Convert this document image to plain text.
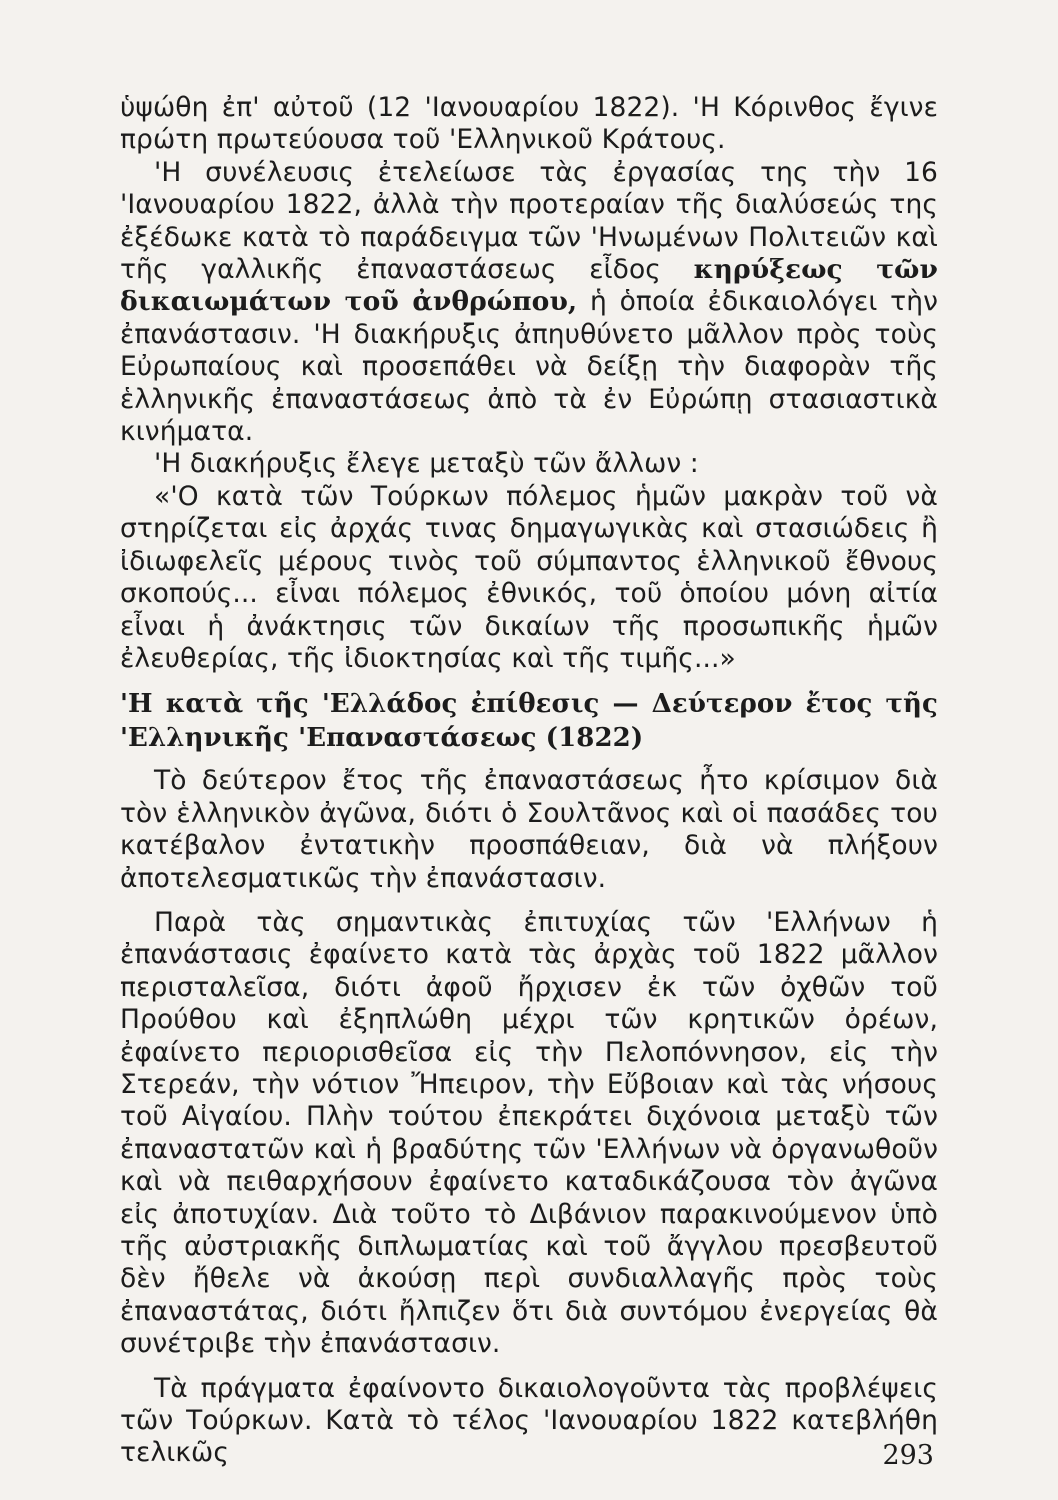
ὑψώθη ἐπ' αὐτοῦ (12 'Ιανουαρίου 1822). 'Η Κόρινθος ἔγινε πρώτη πρωτεύουσα τοῦ 'Ελληνικοῦ Κράτους.

'Η συνέλευσις ἐτελείωσε τὰς ἐργασίας της τὴν 16 'Ιανουαρίου 1822, ἀλλὰ τὴν προτεραίαν τῆς διαλύσεώς της ἐξέδωκε κατὰ τὸ παράδειγμα τῶν 'Ηνωμένων Πολιτειῶν καὶ τῆς γαλλικῆς ἐπαναστάσεως εἶδος κηρύξεως τῶν δικαιωμάτων τοῦ ἀνθρώπου, ἡ ὁποία ἐδικαιολόγει τὴν ἐπανάστασιν. 'Η διακήρυξις ἀπηυθύνετο μᾶλλον πρὸς τοὺς Εὐρωπαίους καὶ προσεπάθει νὰ δείξῃ τὴν διαφορὰν τῆς ἑλληνικῆς ἐπαναστάσεως ἀπὸ τὰ ἐν Εὐρώπῃ στασιαστικὰ κινήματα.

'Η διακήρυξις ἔλεγε μεταξὺ τῶν ἄλλων :

«'Ο κατὰ τῶν Τούρκων πόλεμος ἡμῶν μακρὰν τοῦ νὰ στηρίζεται εἰς ἀρχάς τινας δημαγωγικὰς καὶ στασιώδεις ἢ ἰδιωφελεῖς μέρους τινὸς τοῦ σύμπαντος ἑλληνικοῦ ἔθνους σκοπούς... εἶναι πόλεμος ἐθνικός, τοῦ ὁποίου μόνη αἰτία εἶναι ἡ ἀνάκτησις τῶν δικαίων τῆς προσωπικῆς ἡμῶν ἐλευθερίας, τῆς ἰδιοκτησίας καὶ τῆς τιμῆς...»

'Η κατὰ τῆς 'Ελλάδος ἐπίθεσις — Δεύτερον ἔτος τῆς 'Ελληνικῆς 'Επαναστάσεως (1822)

Τὸ δεύτερον ἔτος τῆς ἐπαναστάσεως ἦτο κρίσιμον διὰ τὸν ἑλληνικὸν ἀγῶνα, διότι ὁ Σουλτᾶνος καὶ οἱ πασάδες του κατέβαλον ἐντατικὴν προσπάθειαν, διὰ νὰ πλήξουν ἀποτελεσματικῶς τὴν ἐπανάστασιν.

Παρὰ τὰς σημαντικὰς ἐπιτυχίας τῶν 'Ελλήνων ἡ ἐπανάστασις ἐφαίνετο κατὰ τὰς ἀρχὰς τοῦ 1822 μᾶλλον περισταλεῖσα, διότι ἀφοῦ ἤρχισεν ἐκ τῶν ὀχθῶν τοῦ Προύθου καὶ ἐξηπλώθη μέχρι τῶν κρητικῶν ὀρέων, ἐφαίνετο περιορισθεῖσα εἰς τὴν Πελοπόννησον, εἰς τὴν Στερεάν, τὴν νότιον Ἤπειρον, τὴν Εὔβοιαν καὶ τὰς νήσους τοῦ Αἰγαίου. Πλὴν τούτου ἐπεκράτει διχόνοια μεταξὺ τῶν ἐπαναστατῶν καὶ ἡ βραδύτης τῶν 'Ελλήνων νὰ ὀργανωθοῦν καὶ νὰ πειθαρχήσουν ἐφαίνετο καταδικάζουσα τὸν ἀγῶνα εἰς ἀποτυχίαν. Διὰ τοῦτο τὸ Διβάνιον παρακινούμενον ὑπὸ τῆς αὐστριακῆς διπλωματίας καὶ τοῦ ἄγγλου πρεσβευτοῦ δὲν ἤθελε νὰ ἀκούσῃ περὶ συνδιαλλαγῆς πρὸς τοὺς ἐπαναστάτας, διότι ἤλπιζεν ὅτι διὰ συντόμου ἐνεργείας θὰ συνέτριβε τὴν ἐπανάστασιν.

Τὰ πράγματα ἐφαίνοντο δικαιολογοῦντα τὰς προβλέψεις τῶν Τούρκων. Κατὰ τὸ τέλος 'Ιανουαρίου 1822 κατεβλήθη τελικῶς	293
